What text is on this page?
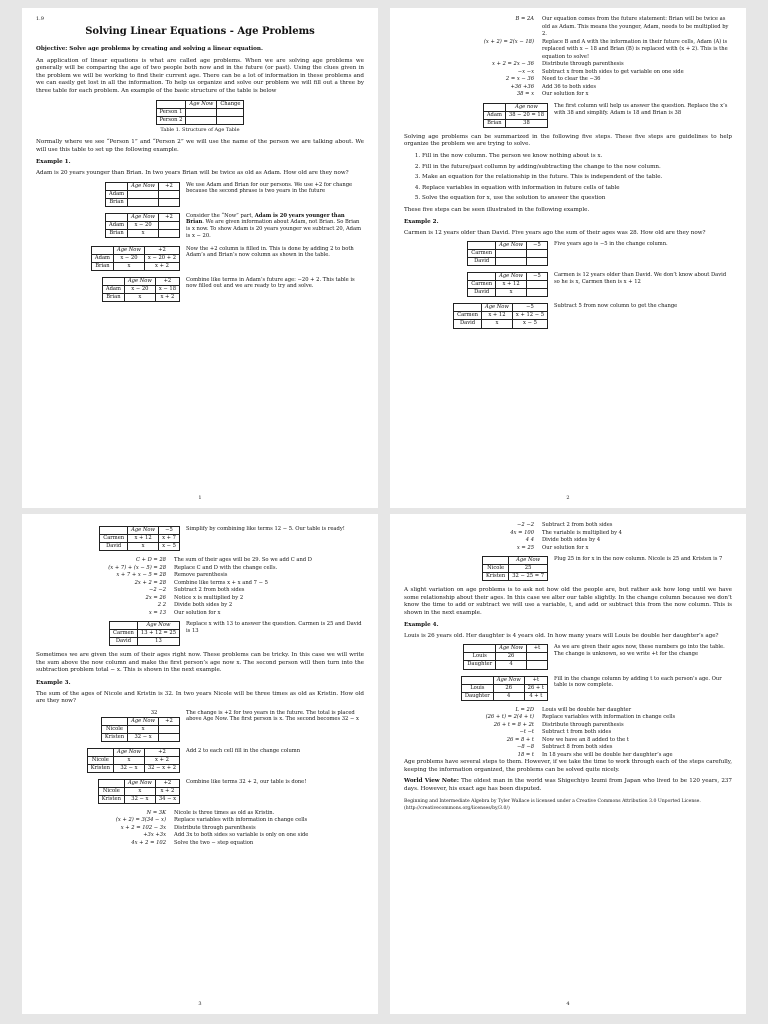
1.9
Solving Linear Equations - Age Problems
Objective: Solve age problems by creating and solving a linear equation.

An application of linear equations is what are called age problems. When we are solving age problems we generally will be comparing the age of two people both now and in the future (or past). Using the clues given in the problem we will be working to find their current age. There can be a lot of information in these problems and we can easily get lost in all the information. To help us organize and solve our problem we will fill out a three by three table for each problem. An example of the basic structure of the table is below

	Age Now	Change
Person 1		
Person 2		
Table 1. Structure of Age Table

Normally where we see “Person 1” and “Person 2” we will use the name of the person we are talking about. We will use this table to set up the following example.

Example 1.

Adam is 20 years younger than Brian. In two years Brian will be twice as old as Adam. How old are they now?

	Age Now	+2
Adam		
Brian		
We use Adam and Brian for our persons. We use +2 for change because the second phrase is two years in the future
	Age Now	+2
Adam	x − 20	
Brian	x	
Consider the “Now” part, Adam is 20 years younger than Brian. We are given information about Adam, not Brian. So Brian is x now. To show Adam is 20 years younger we subtract 20, Adam is x − 20.
	Age Now	+2
Adam	x − 20	x − 20 + 2
Brian	x	x + 2
Now the +2 column is filled in. This is done by adding 2 to both Adam’s and Brian’s now column as shown in the table.
	Age Now	+2
Adam	x − 20	x − 18
Brian	x	x + 2
Combine like terms in Adam’s future age: −20 + 2. This table is now filled out and we are ready to try and solve.
1
B = 2A	Our equation comes from the future statement: Brian will be twice as old as Adam. This means the younger, Adam, needs to be multiplied by 2.
(x + 2) = 2(x − 18)	Replace B and A with the information in their future cells, Adam (A) is replaced with x − 18 and Brian (B) is replaced with (x + 2). This is the equation to solve!
x + 2 = 2x − 36	Distribute through parenthesis
−x −x	Subtract x from both sides to get variable on one side
2 = x − 36	Need to clear the −36
+36 +36	Add 36 to both sides
38 = x	Our solution for x
	Age now
Adam	38 − 20 = 18
Brian	38
The first column will help us answer the question. Replace the x’s with 38 and simplify. Adam is 18 and Brian is 38

Solving age problems can be summarized in the following five steps. These five steps are guidelines to help organize the problem we are trying to solve.

1. Fill in the now column. The person we know nothing about is x.
2. Fill in the future/past collumn by adding/subtracting the change to the now column.
3. Make an equation for the relationship in the future. This is independent of the table.
4. Replace variables in equation with information in future cells of table
5. Solve the equation for x, use the solution to answer the question

These five steps can be seen illustrated in the following example.

Example 2.

Carmen is 12 years older than David. Five years ago the sum of their ages was 28. How old are they now?

	Age Now	−5
Carmen		
David		
Five years ago is −5 in the change column.
	Age Now	−5
Carmen	x + 12	
David	x	
Carmen is 12 years older than David. We don’t know about David so he is x, Carmen then is x + 12
	Age Now	−5
Carmen	x + 12	x + 12 − 5
David	x	x − 5
Subtract 5 from now column to get the change
2
	Age Now	−5
Carmen	x + 12	x + 7
David	x	x − 5
Simplify by combining like terms 12 − 5. Our table is ready!
C + D = 28	The sum of their ages will be 29. So we add C and D
(x + 7) + (x − 5) = 28	Replace C and D with the change cells.
x + 7 + x − 5 = 28	Remove parenthesis
2x + 2 = 28	Combine like terms x + x and 7 − 5
−2 −2	Subtract 2 from both sides
2x = 26	Notice x is multiplied by 2
2 2	Divide both sides by 2
x = 13	Our solution for x
	Age Now
Carmen	13 + 12 = 25
David	13
Replace x with 13 to answer the question. Carmen is 25 and David is 13

Sometimes we are given the sum of their ages right now. These problems can be tricky. In this case we will write the sum above the now column and make the first person’s age now x. The second person will then turn into the subtraction problem total − x. This is shown in the next example.

Example 3.

The sum of the ages of Nicole and Kristin is 32. In two years Nicole will be three times as old as Kristin. How old are they now?

32
	Age Now	+2
Nicole	x	
Kristen	32 − x	
The change is +2 for two years in the future. The total is placed above Age Now. The first person is x. The second becomes 32 − x
	Age Now	+2
Nicole	x	x + 2
Kristen	32 − x	32 − x + 2
Add 2 to each cell fill in the change column
	Age Now	+2
Nicole	x	x + 2
Kristen	32 − x	34 − x
Combine like terms 32 + 2, our table is done!
N = 3K	Nicole is three times as old as Kristin.
(x + 2) = 3(34 − x)	Replace variables with information in change cells
x + 2 = 102 − 3x	Distribute through parenthesis
+3x +3x	Add 3x to both sides so variable is only on one side
4x + 2 = 102	Solve the two − step equation
3
−2 −2	Subtract 2 from both sides
4x = 100	The variable is multiplied by 4
4 4	Divide both sides by 4
x = 25	Our solution for x
	Age Now
Nicole	25
Kristen	32 − 25 = 7
Plug 25 in for x in the now column. Nicole is 25 and Kristen is 7

A slight variation on age problems is to ask not how old the people are, but rather ask how long until we have some relationship about their ages. In this case we alter our table slightly. In the change column because we don’t know the time to add or subtract we will use a variable, t, and add or subtract this from the now column. This is shown in the next example.

Example 4.

Louis is 26 years old. Her daughter is 4 years old. In how many years will Louis be double her daughter’s age?

	Age Now	+t
Louis	26	
Daughter	4	
As we are given their ages now, these numbers go into the table. The change is unknown, so we write +t for the change
	Age Now	+t
Louis	26	26 + t
Daughter	4	4 + t
Fill in the change column by adding t to each person’s age. Our table is now complete.
L = 2D	Louis will be double her daughter
(26 + t) = 2(4 + t)	Replace variables with information in change cells
26 + t = 8 + 2t	Distribute through parenthesis
−t −t	Subtract t from both sides
26 = 8 + t	Now we have an 8 added to the t
−8 −8	Subtract 8 from both sides
18 = t	In 18 years she will be double her daughter’s age

Age problems have several steps to them. However, if we take the time to work through each of the steps carefully, keeping the information organized, the problems can be solved quite nicely.

World View Note: The oldest man in the world was Shigechiyo Izumi from Japan who lived to be 120 years, 237 days. However, his exact age has been disputed.

Beginning and Intermediate Algebra by Tyler Wallace is licensed under a Creative Commons Attribution 3.0 Unported License. (http://creativecommons.org/licenses/by/3.0/)
4
